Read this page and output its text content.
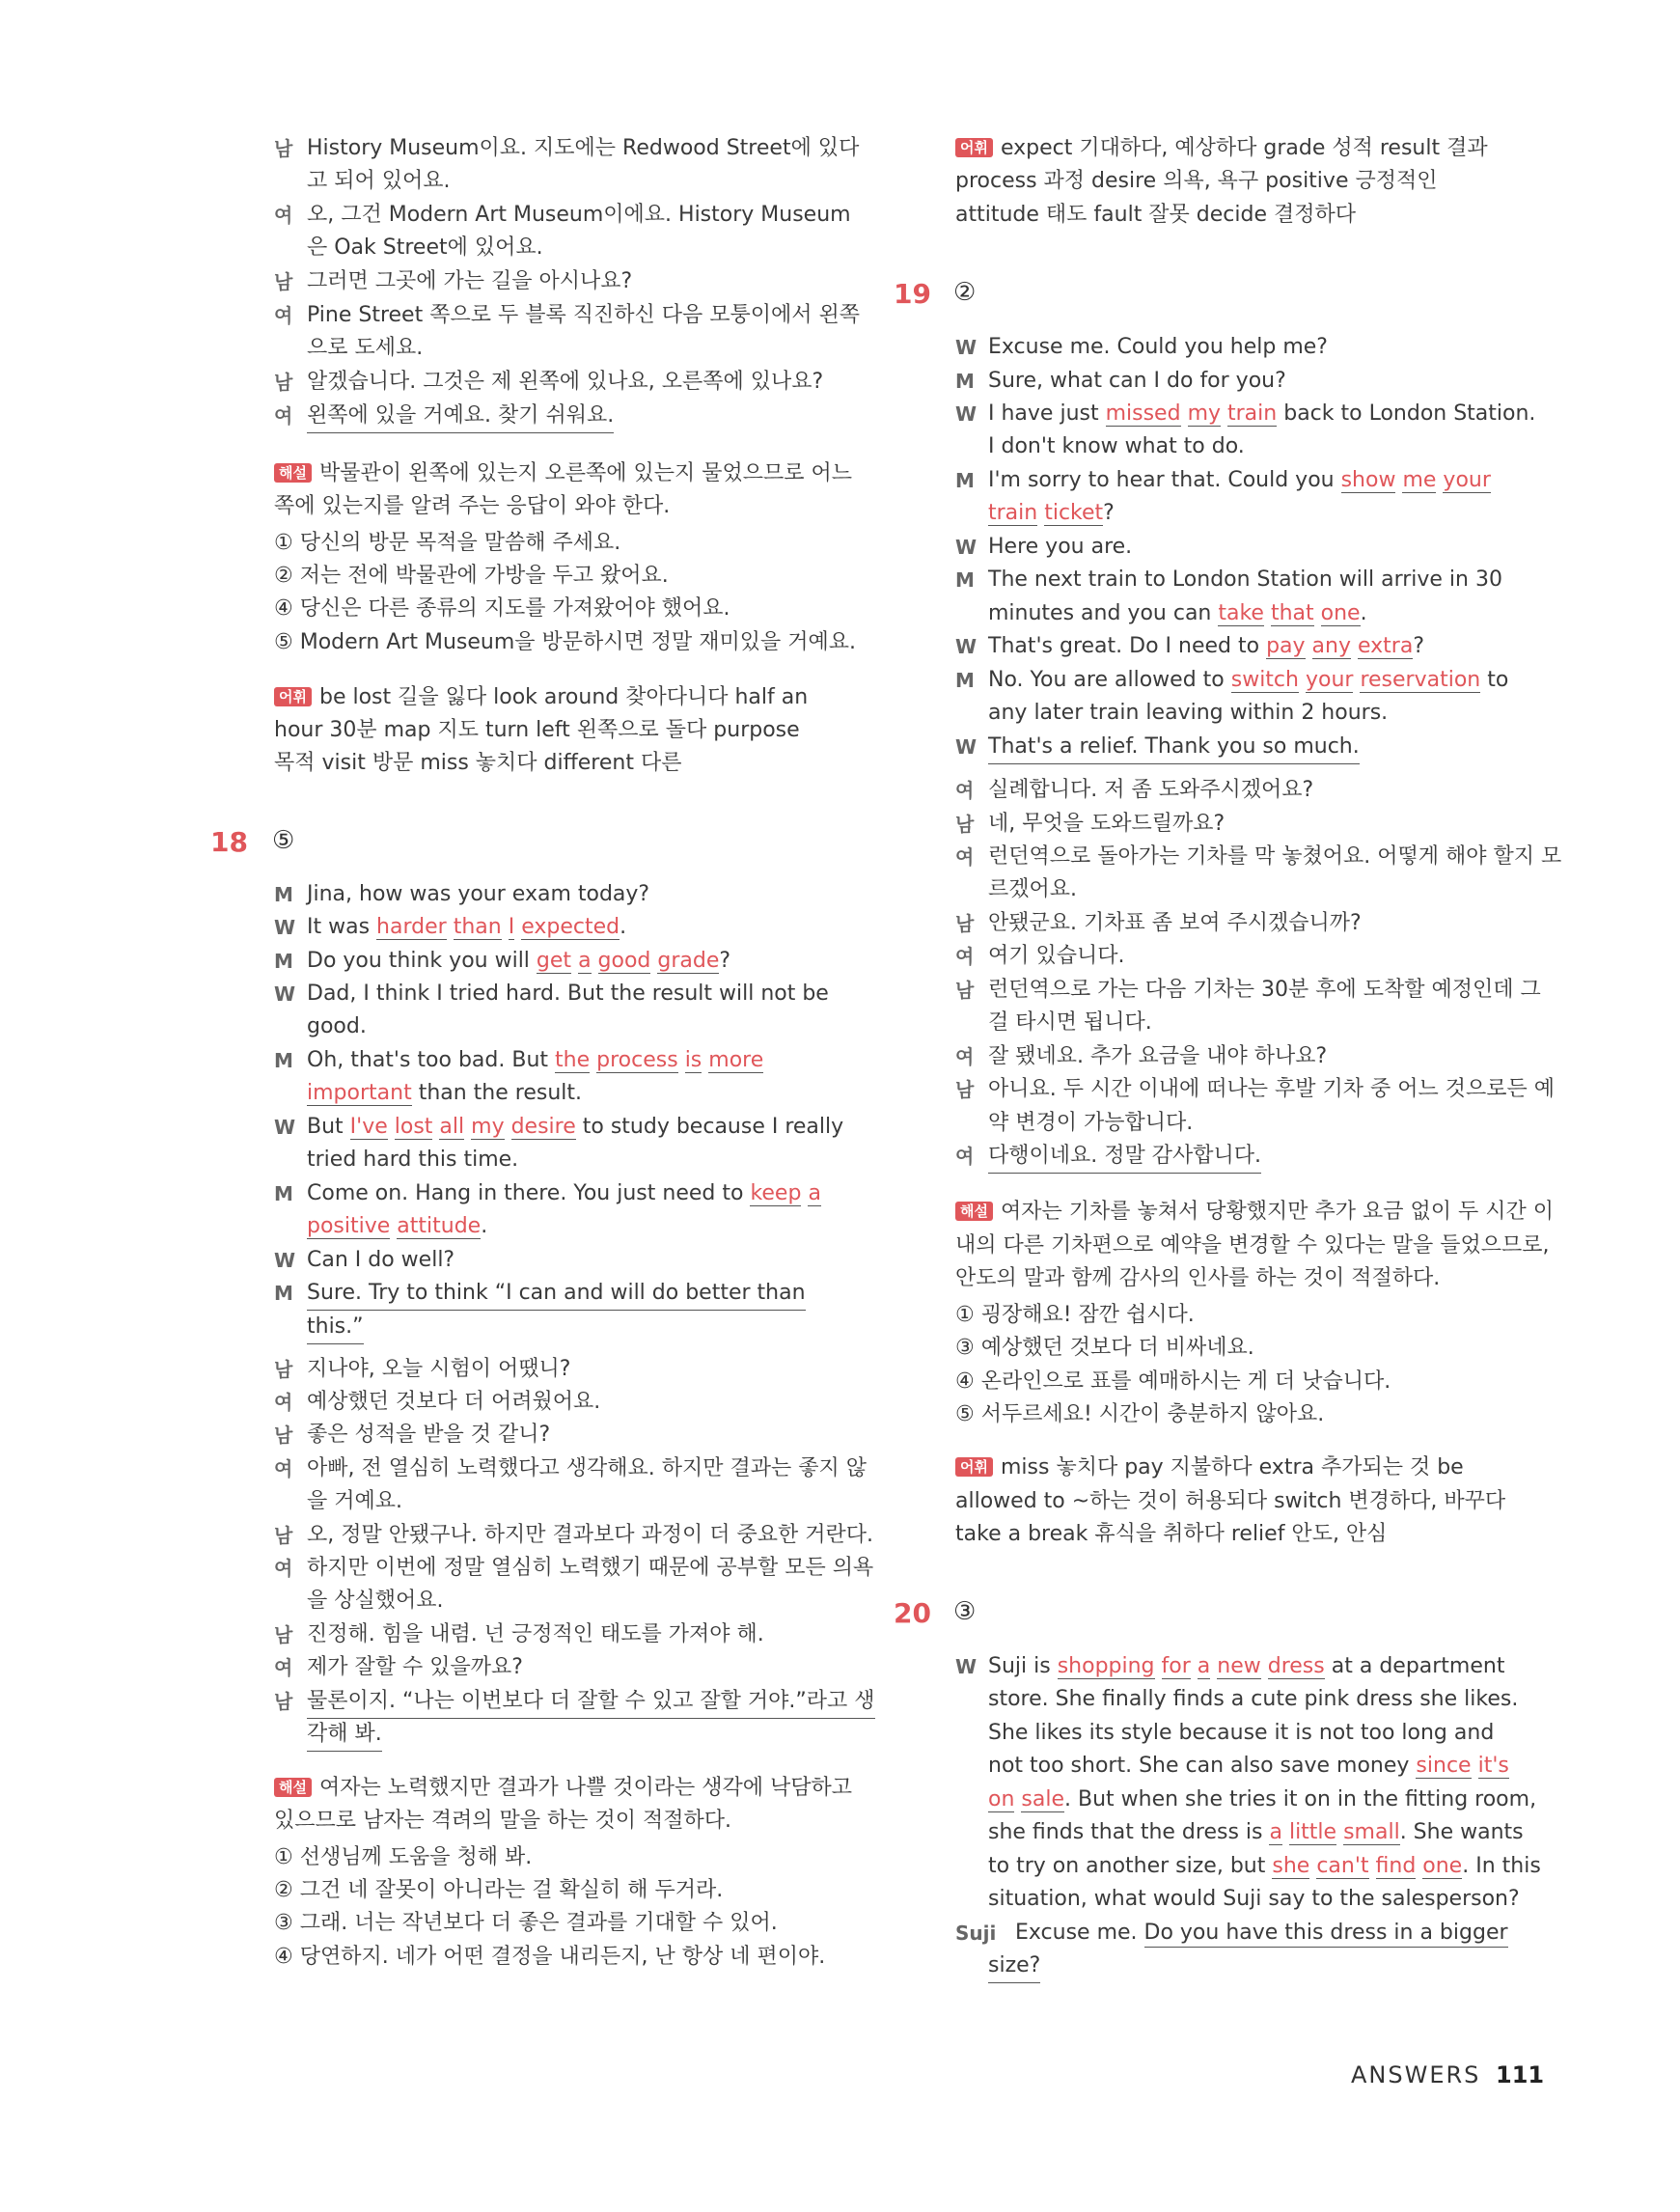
남 History Museum이요. 지도에는 Redwood Street에 있다
고 되어 있어요.
여 오, 그건 Modern Art Museum이에요. History Museum
은 Oak Street에 있어요.
남 그러면 그곳에 가는 길을 아시나요?
여 Pine Street 쪽으로 두 블록 직진하신 다음 모퉁이에서 왼쪽
으로 도세요.
남 알겠습니다. 그것은 제 왼쪽에 있나요, 오른쪽에 있나요?
여 왼쪽에 있을 거예요. 찾기 쉬워요.
해설 박물관이 왼쪽에 있는지 오른쪽에 있는지 물었으므로 어느
쪽에 있는지를 알려 주는 응답이 와야 한다.
① 당신의 방문 목적을 말씀해 주세요.
② 저는 전에 박물관에 가방을 두고 왔어요.
④ 당신은 다른 종류의 지도를 가져왔어야 했어요.
⑤ Modern Art Museum을 방문하시면 정말 재미있을 거예요.
어휘 be lost 길을 잃다 look around 찾아다니다 half an
hour 30분 map 지도 turn left 왼쪽으로 돌다 purpose
목적 visit 방문 miss 놓치다 different 다른
18 ⑤
M Jina, how was your exam today?
W It was harder than I expected.
M Do you think you will get a good grade?
W Dad, I think I tried hard. But the result will not be
good.
M Oh, that's too bad. But the process is more
important than the result.
W But I've lost all my desire to study because I really
tried hard this time.
M Come on. Hang in there. You just need to keep a
positive attitude.
W Can I do well?
M Sure. Try to think “I can and will do better than
this.”
남 지나야, 오늘 시험이 어땠니?
여 예상했던 것보다 더 어려웠어요.
남 좋은 성적을 받을 것 같니?
여 아빠, 전 열심히 노력했다고 생각해요. 하지만 결과는 좋지 않
을 거예요.
남 오, 정말 안됐구나. 하지만 결과보다 과정이 더 중요한 거란다.
여 하지만 이번에 정말 열심히 노력했기 때문에 공부할 모든 의욕
을 상실했어요.
남 진정해. 힘을 내렴. 넌 긍정적인 태도를 가져야 해.
여 제가 잘할 수 있을까요?
남 물론이지. “나는 이번보다 더 잘할 수 있고 잘할 거야.”라고 생
각해 봐.
해설 여자는 노력했지만 결과가 나쁠 것이라는 생각에 낙담하고
있으므로 남자는 격려의 말을 하는 것이 적절하다.
① 선생님께 도움을 청해 봐.
② 그건 네 잘못이 아니라는 걸 확실히 해 두거라.
③ 그래. 너는 작년보다 더 좋은 결과를 기대할 수 있어.
④ 당연하지. 네가 어떤 결정을 내리든지, 난 항상 네 편이야.
어휘 expect 기대하다, 예상하다 grade 성적 result 결과
process 과정 desire 의욕, 욕구 positive 긍정적인
attitude 태도 fault 잘못 decide 결정하다
19 ②
W Excuse me. Could you help me?
M Sure, what can I do for you?
W I have just missed my train back to London Station.
I don't know what to do.
M I'm sorry to hear that. Could you show me your
train ticket?
W Here you are.
M The next train to London Station will arrive in 30
minutes and you can take that one.
W That's great. Do I need to pay any extra?
M No. You are allowed to switch your reservation to
any later train leaving within 2 hours.
W That's a relief. Thank you so much.
여 실례합니다. 저 좀 도와주시겠어요?
남 네, 무엇을 도와드릴까요?
여 런던역으로 돌아가는 기차를 막 놓쳤어요. 어떻게 해야 할지 모
르겠어요.
남 안됐군요. 기차표 좀 보여 주시겠습니까?
여 여기 있습니다.
남 런던역으로 가는 다음 기차는 30분 후에 도착할 예정인데 그
걸 타시면 됩니다.
여 잘 됐네요. 추가 요금을 내야 하나요?
남 아니요. 두 시간 이내에 떠나는 후발 기차 중 어느 것으로든 예
약 변경이 가능합니다.
여 다행이네요. 정말 감사합니다.
해설 여자는 기차를 놓쳐서 당황했지만 추가 요금 없이 두 시간 이
내의 다른 기차편으로 예약을 변경할 수 있다는 말을 들었으므로,
안도의 말과 함께 감사의 인사를 하는 것이 적절하다.
① 굉장해요! 잠깐 쉽시다.
③ 예상했던 것보다 더 비싸네요.
④ 온라인으로 표를 예매하시는 게 더 낫습니다.
⑤ 서두르세요! 시간이 충분하지 않아요.
어휘 miss 놓치다 pay 지불하다 extra 추가되는 것 be
allowed to ~하는 것이 허용되다 switch 변경하다, 바꾸다
take a break 휴식을 취하다 relief 안도, 안심
20 ③
W Suji is shopping for a new dress at a department
store. She finally finds a cute pink dress she likes.
She likes its style because it is not too long and
not too short. She can also save money since it's
on sale. But when she tries it on in the fitting room,
she finds that the dress is a little small. She wants
to try on another size, but she can't find one. In this
situation, what would Suji say to the salesperson?
Suji Excuse me. Do you have this dress in a bigger
size?
ANSWERS 111
